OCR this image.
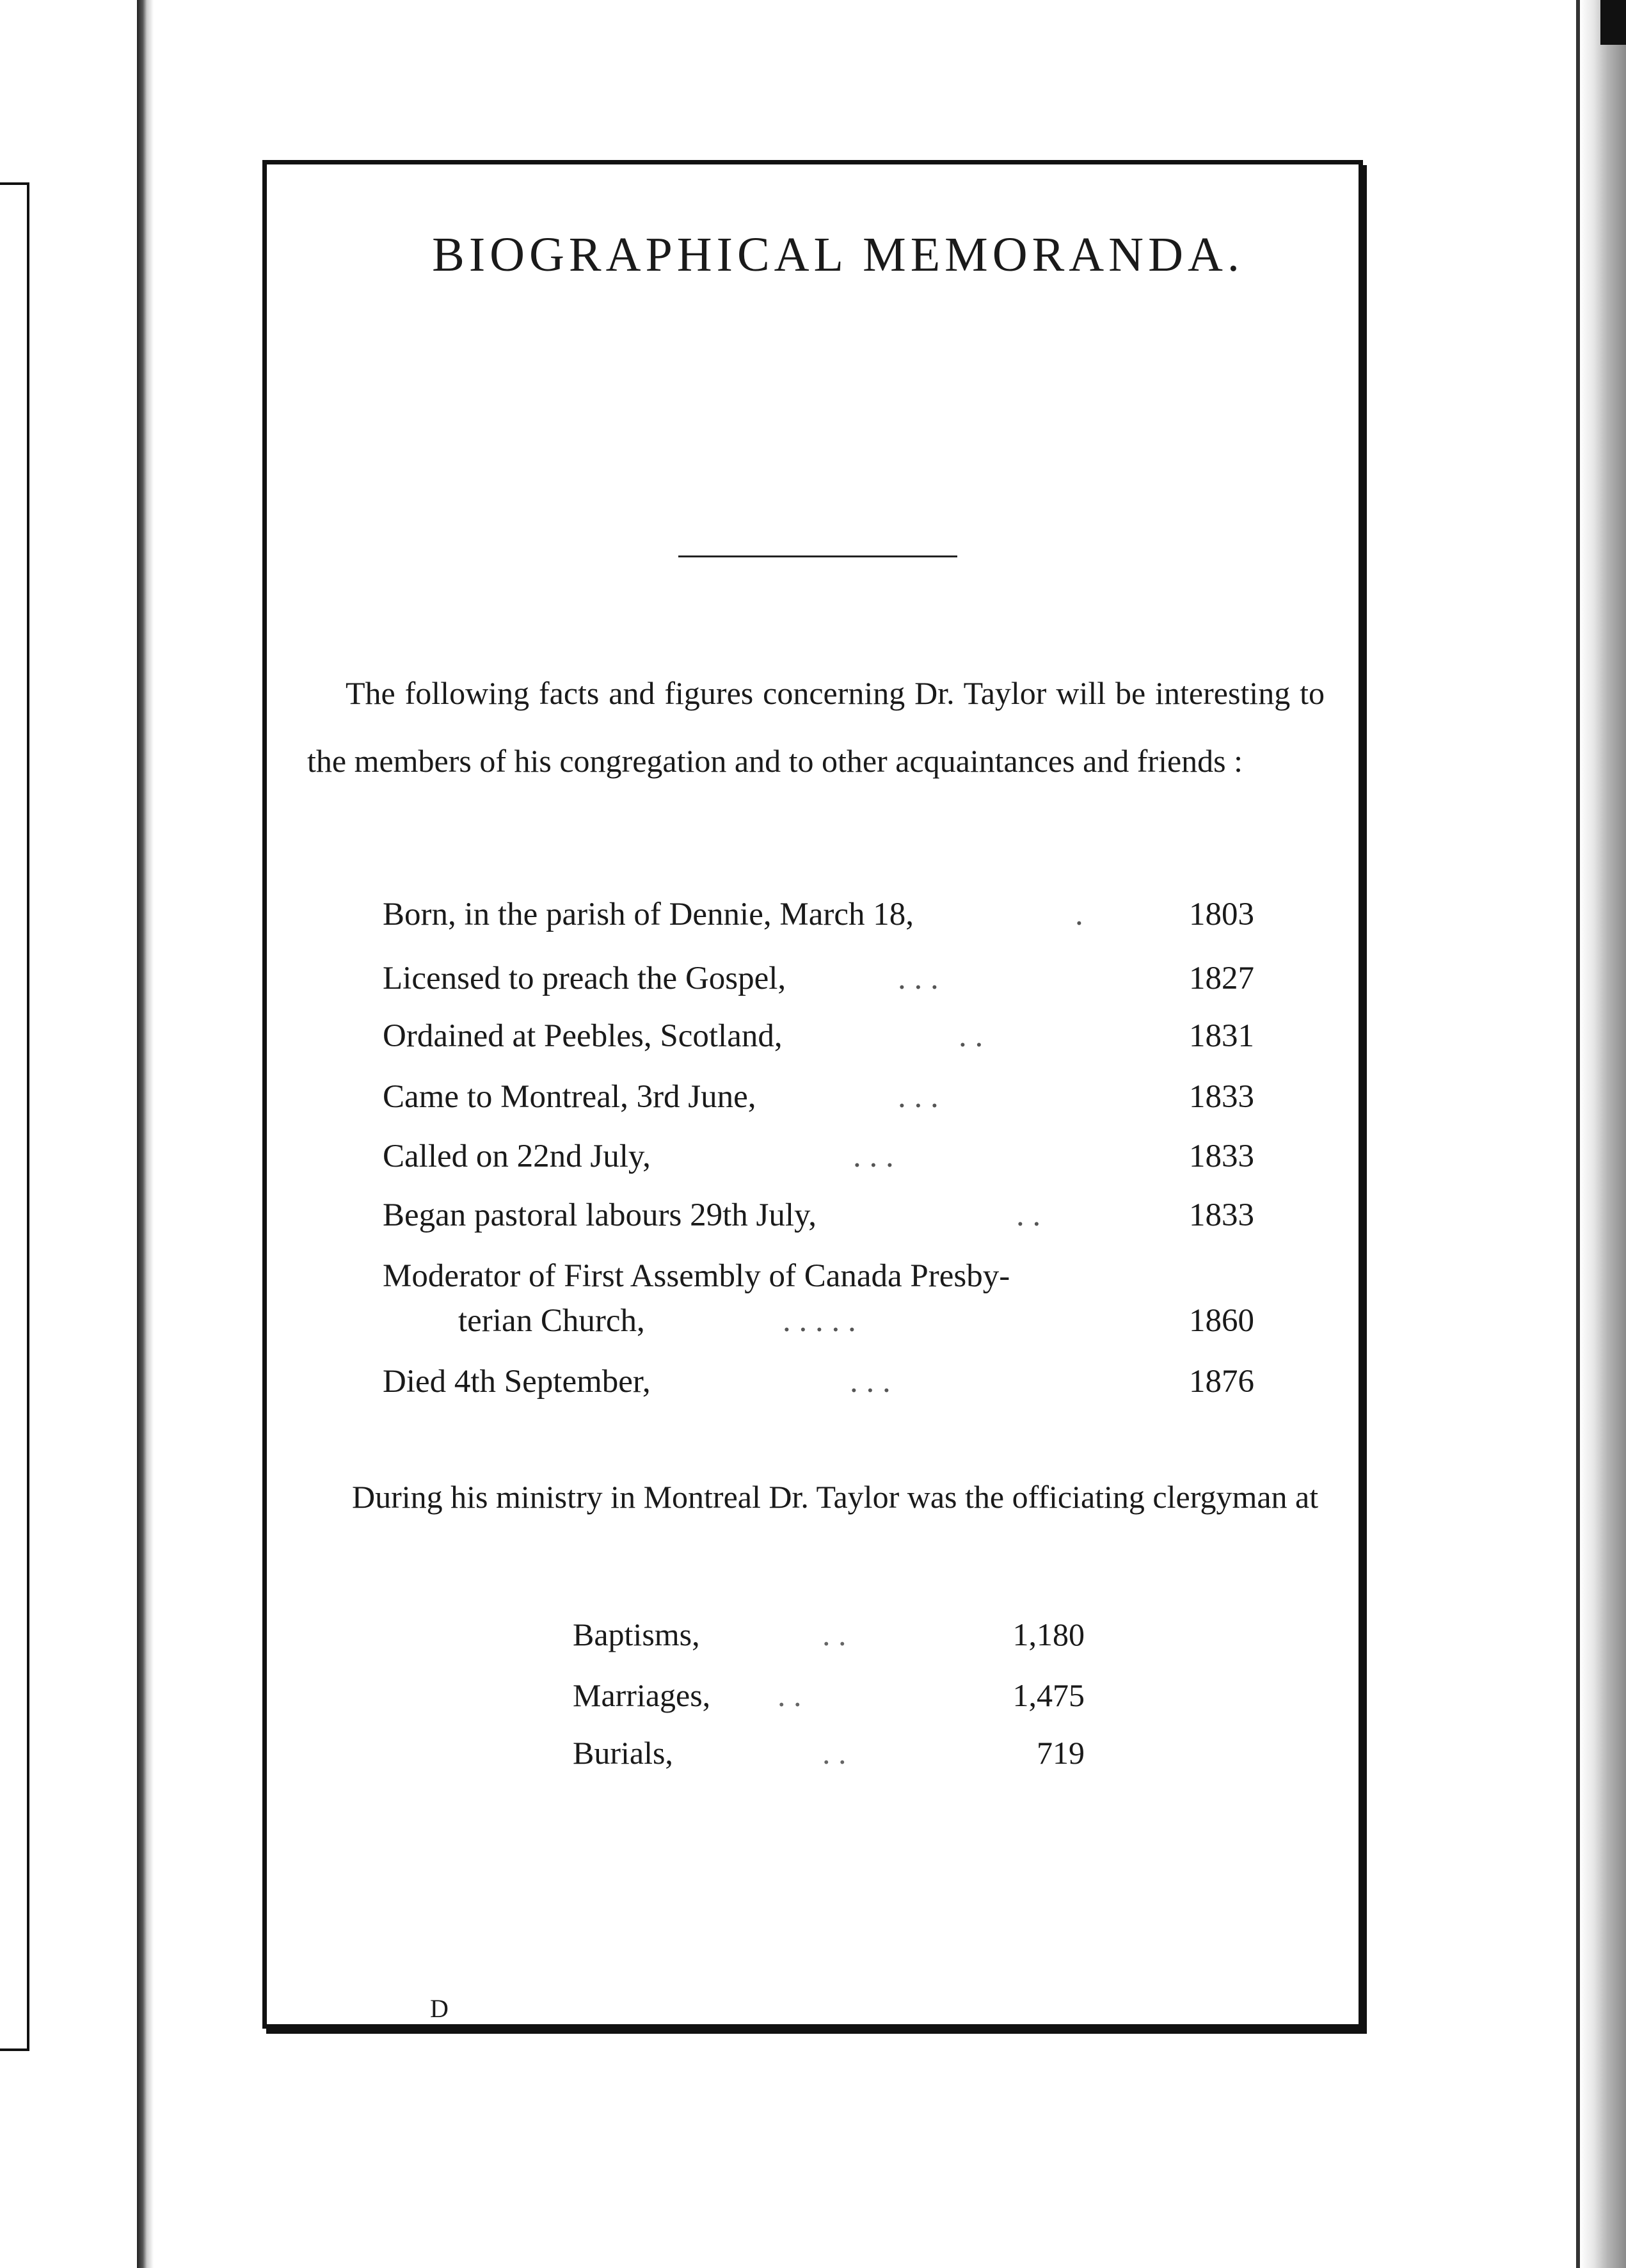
BIOGRAPHICAL MEMORANDA.

The following facts and figures concerning Dr. Taylor will be interesting to the members of his congregation and to other acquaintances and friends :

Born, in the parish of Dennie, March 18,	.	1803
Licensed to preach the Gospel,	. . .	1827
Ordained at Peebles, Scotland,	. .	1831
Came to Montreal, 3rd June,	. . .	1833
Called on 22nd July,	. . .	1833
Began pastoral labours 29th July,	. .	1833
Moderator of First Assembly of Canada Presby-
terian Church,	. . . . .	1860
Died 4th September,	. . .	1876

During his ministry in Montreal Dr. Taylor was the officiating clergyman at

Baptisms,	. .	1,180
Marriages, . .	1,475
Burials,	. .	719
D
